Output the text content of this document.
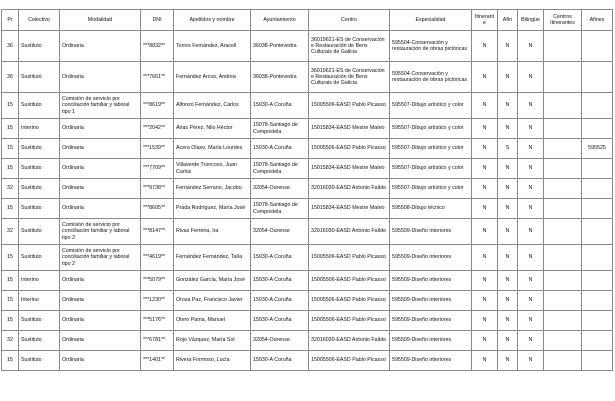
Pr	Colectivo	Modalidad	DNI	Apellidos y nombre	Ayuntamiento	Centro	Especialidad	Itinerante	Afín	Bilingüe	Centros Itinerantes	Afines
36	Sustituto	Ordinaria	***8832**	Torres Fernández, Aracell	36038-Pontevedra	36019621-ES de Conservación e Restauración de Bens Culturais de Galicia	595504-Conservación y restauración de obras pictóricas	N	N	N		
36	Sustituto	Ordinaria	***7661**	Fernández Arcos, Andrea	36038-Pontevedra	36019621-ES de Conservación e Restauración de Bens Culturais de Galicia	595504-Conservación y restauración de obras pictóricas	N	N	N		
15	Sustituto	Comisión de servicio por conciliación familiar y laboral tipo 1	***8619**	Alfonzo Fernández, Carlos	15030-A Coruña	15005506-EASD Pablo Picasso	595507-Dibujo artístico y color	N	N	N		
15	Interino	Ordinaria	***2042**	Arias Pérez, Nilo Héctor	15078-Santiago de Compostela	15015834-EASD Mestre Mateo	595507-Dibujo artístico y color	N	N	N		
15	Sustituto	Ordinaria	***1539**	Acera Olaso, María Lourdes	15030-A Coruña	15005506-EASD Pablo Picasso	595507-Dibujo artístico y color	N	S	N		595525
15	Sustituto	Ordinaria	***7709**	Villaverde Troncoso, Juan Carlos	15078-Santiago de Compostela	15015834-EASD Mestre Mateo	595507-Dibujo artístico y color	N	N	N		
32	Sustituto	Ordinaria	***9738**	Fernández Serrano, Jacobo	32054-Ourense	32016030-EASD Antonio Faílde	595507-Dibujo artístico y color	N	N	N		
15	Sustituto	Ordinaria	***8605**	Prada Rodríguez, María José	15078-Santiago de Compostela	15015834-EASD Mestre Mateo	595508-Dibujo técnico	N	N	N		
32	Sustituto	Comisión de servicio por conciliación familiar y laboral tipo 2	***8147**	Rivas Ferreira, Ira	32054-Ourense	32016030-EASD Antonio Faílde	595509-Diseño interiores	N	N	N		
15	Sustituto	Comisión de servicio por conciliación familiar y laboral tipo 2	***4619**	Fernández Fernández, Talía	15030-A Coruña	15005506-EASD Pablo Picasso	595509-Diseño interiores	N	N	N		
15	Interino	Ordinaria	***5079**	González García, María José	15030-A Coruña	15005506-EASD Pablo Picasso	595509-Diseño interiores	N	N	N		
15	Interino	Ordinaria	***1230**	Orosa Paz, Francisco Javier	15030-A Coruña	15005506-EASD Pablo Picasso	595509-Diseño interiores	N	N	N		
15	Sustituto	Ordinaria	***5176**	Otero Pama, Manuel	15030-A Coruña	15005506-EASD Pablo Picasso	595509-Diseño interiores	N	N	N		
32	Sustituto	Ordinaria	***6781**	Rojo Vázquez, María Sol	32054-Ourense	32016030-EASD Antonio Faílde	595509-Diseño interiores	N	N	N		
15	Sustituto	Ordinaria	***1401**	Rivera Formoso, Lucía	15030-A Coruña	15005506-EASD Pablo Picasso	595509-Diseño interiores	N	N	N		
